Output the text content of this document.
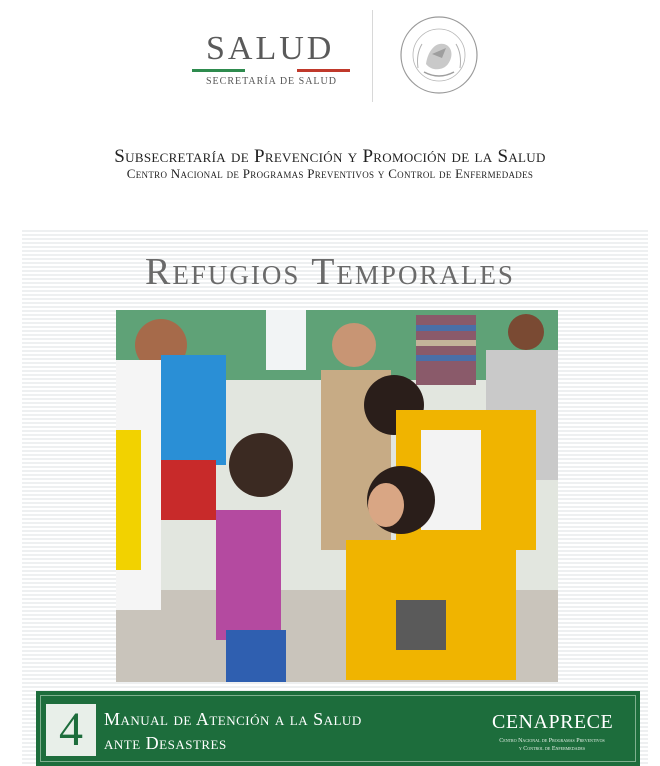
SALUD
SECRETARÍA DE SALUD
Subsecretaría de Prevención y Promoción de la Salud
Centro Nacional de Programas Preventivos y Control de Enfermedades
Refugios Temporales
4	Manual de Atención a la Salud
ante Desastres
CENAPRECE
Centro Nacional de Programas Preventivos
y Control de Enfermedades
